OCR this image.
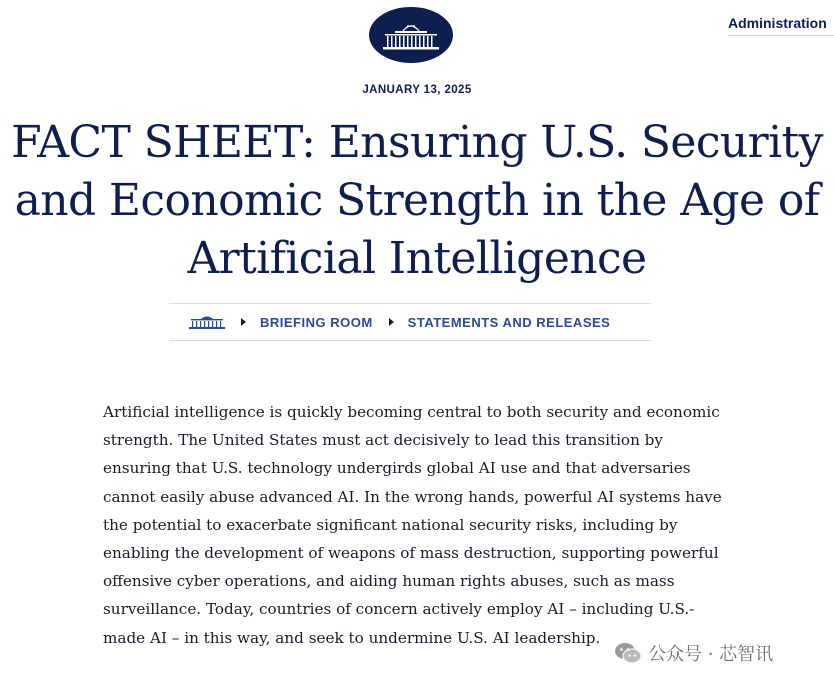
Administration
JANUARY 13, 2025
FACT SHEET: Ensuring U.S. Security and Economic Strength in the Age of Artificial Intelligence
BRIEFING ROOM	STATEMENTS AND RELEASES

Artificial intelligence is quickly becoming central to both security and economic strength. The United States must act decisively to lead this transition by ensuring that U.S. technology undergirds global AI use and that adversaries cannot easily abuse advanced AI. In the wrong hands, powerful AI systems have the potential to exacerbate significant national security risks, including by enabling the development of weapons of mass destruction, supporting powerful offensive cyber operations, and aiding human rights abuses, such as mass surveillance. Today, countries of concern actively employ AI – including U.S.-made AI – in this way, and seek to undermine U.S. AI leadership.

公众号 · 芯智讯
